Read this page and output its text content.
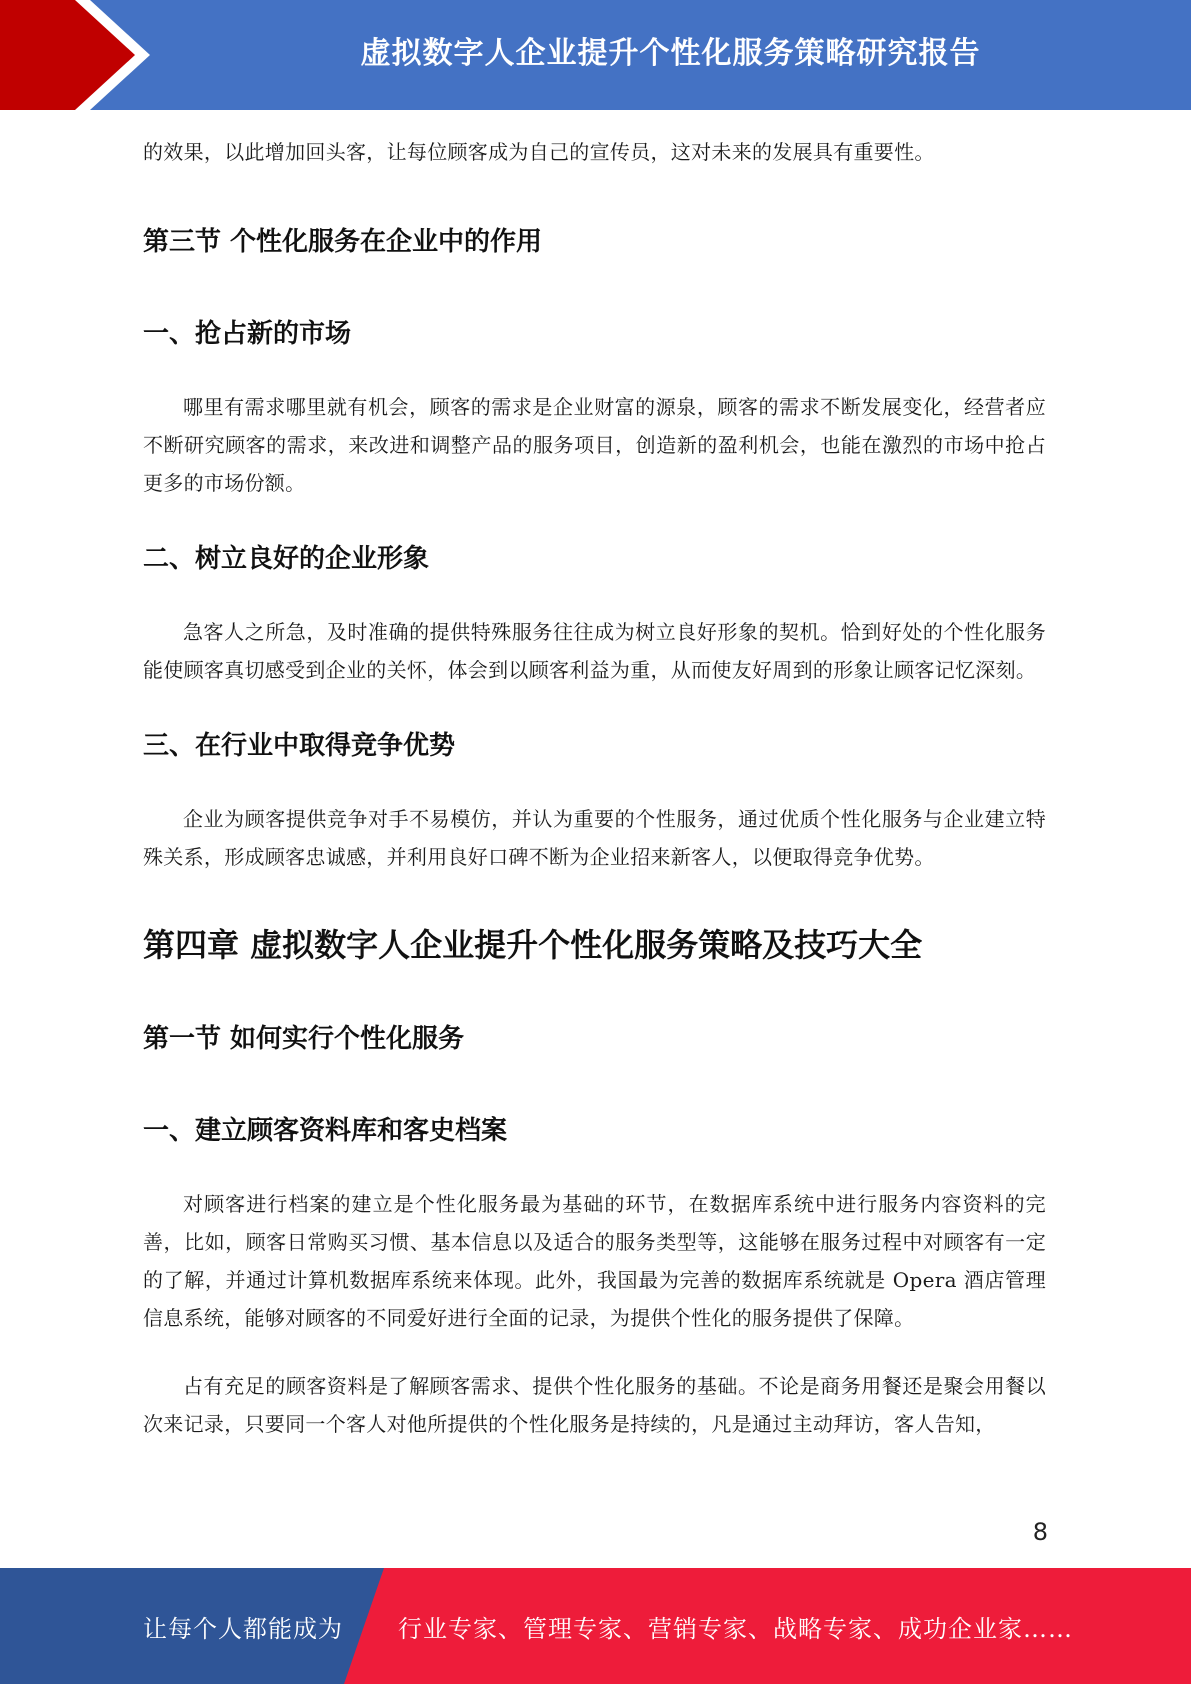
虚拟数字人企业提升个性化服务策略研究报告

的效果，以此增加回头客，让每位顾客成为自己的宣传员，这对未来的发展具有重要性。

第三节 个性化服务在企业中的作用
一、抢占新的市场

哪里有需求哪里就有机会，顾客的需求是企业财富的源泉，顾客的需求不断发展变化，经营者应不断研究顾客的需求，来改进和调整产品的服务项目，创造新的盈利机会，也能在激烈的市场中抢占更多的市场份额。

二、树立良好的企业形象

急客人之所急，及时准确的提供特殊服务往往成为树立良好形象的契机。恰到好处的个性化服务能使顾客真切感受到企业的关怀，体会到以顾客利益为重，从而使友好周到的形象让顾客记忆深刻。

三、在行业中取得竞争优势

企业为顾客提供竞争对手不易模仿，并认为重要的个性服务，通过优质个性化服务与企业建立特殊关系，形成顾客忠诚感，并利用良好口碑不断为企业招来新客人，以便取得竞争优势。

第四章 虚拟数字人企业提升个性化服务策略及技巧大全
第一节 如何实行个性化服务
一、建立顾客资料库和客史档案

对顾客进行档案的建立是个性化服务最为基础的环节，在数据库系统中进行服务内容资料的完善，比如，顾客日常购买习惯、基本信息以及适合的服务类型等，这能够在服务过程中对顾客有一定的了解，并通过计算机数据库系统来体现。此外，我国最为完善的数据库系统就是 Opera 酒店管理信息系统，能够对顾客的不同爱好进行全面的记录，为提供个性化的服务提供了保障。

占有充足的顾客资料是了解顾客需求、提供个性化服务的基础。不论是商务用餐还是聚会用餐以次来记录，只要同一个客人对他所提供的个性化服务是持续的，凡是通过主动拜访，客人告知，

8
让每个人都能成为 行业专家、管理专家、营销专家、战略专家、成功企业家……
